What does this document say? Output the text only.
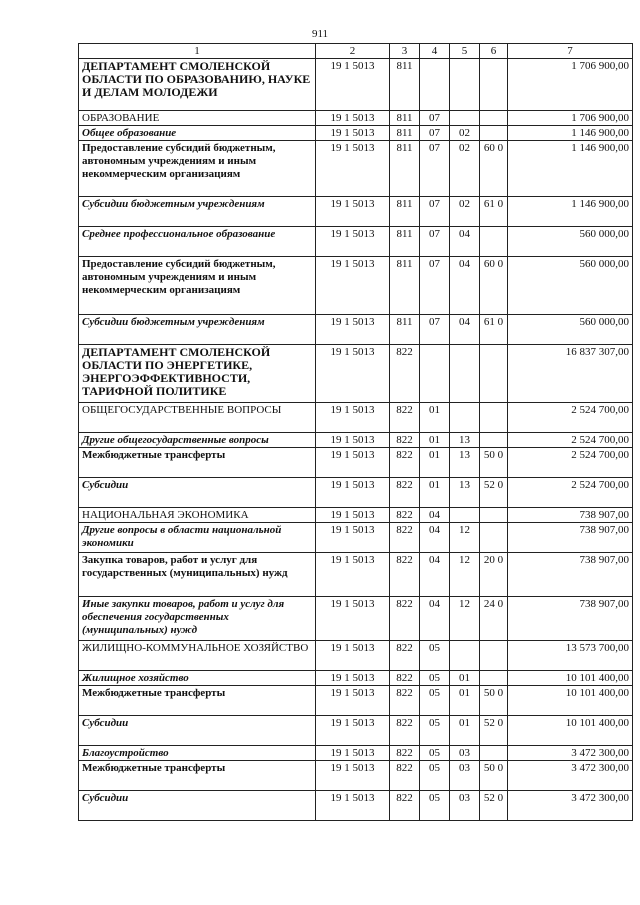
911
1	2	3	4	5	6	7
ДЕПАРТАМЕНТ СМОЛЕНСКОЙ ОБЛАСТИ ПО ОБРАЗОВАНИЮ, НАУКЕ И ДЕЛАМ МОЛОДЕЖИ	19 1 5013	811				1 706 900,00
ОБРАЗОВАНИЕ	19 1 5013	811	07			1 706 900,00
Общее образование	19 1 5013	811	07	02		1 146 900,00
Предоставление субсидий бюджетным, автономным учреждениям и иным некоммерческим организациям	19 1 5013	811	07	02	60 0	1 146 900,00
Субсидии бюджетным учреждениям	19 1 5013	811	07	02	61 0	1 146 900,00
Среднее профессиональное образование	19 1 5013	811	07	04		560 000,00
Предоставление субсидий бюджетным, автономным учреждениям и иным некоммерческим организациям	19 1 5013	811	07	04	60 0	560 000,00
Субсидии бюджетным учреждениям	19 1 5013	811	07	04	61 0	560 000,00
ДЕПАРТАМЕНТ СМОЛЕНСКОЙ ОБЛАСТИ ПО ЭНЕРГЕТИКЕ, ЭНЕРГОЭФФЕКТИВНОСТИ, ТАРИФНОЙ ПОЛИТИКЕ	19 1 5013	822				16 837 307,00
ОБЩЕГОСУДАРСТВЕННЫЕ ВОПРОСЫ	19 1 5013	822	01			2 524 700,00
Другие общегосударственные вопросы	19 1 5013	822	01	13		2 524 700,00
Межбюджетные трансферты	19 1 5013	822	01	13	50 0	2 524 700,00
Субсидии	19 1 5013	822	01	13	52 0	2 524 700,00
НАЦИОНАЛЬНАЯ ЭКОНОМИКА	19 1 5013	822	04			738 907,00
Другие вопросы в области национальной экономики	19 1 5013	822	04	12		738 907,00
Закупка товаров, работ и услуг для государственных (муниципальных) нужд	19 1 5013	822	04	12	20 0	738 907,00
Иные закупки товаров, работ и услуг для обеспечения государственных (муниципальных) нужд	19 1 5013	822	04	12	24 0	738 907,00
ЖИЛИЩНО-КОММУНАЛЬНОЕ ХОЗЯЙСТВО	19 1 5013	822	05			13 573 700,00
Жилищное хозяйство	19 1 5013	822	05	01		10 101 400,00
Межбюджетные трансферты	19 1 5013	822	05	01	50 0	10 101 400,00
Субсидии	19 1 5013	822	05	01	52 0	10 101 400,00
Благоустройство	19 1 5013	822	05	03		3 472 300,00
Межбюджетные трансферты	19 1 5013	822	05	03	50 0	3 472 300,00
Субсидии	19 1 5013	822	05	03	52 0	3 472 300,00
